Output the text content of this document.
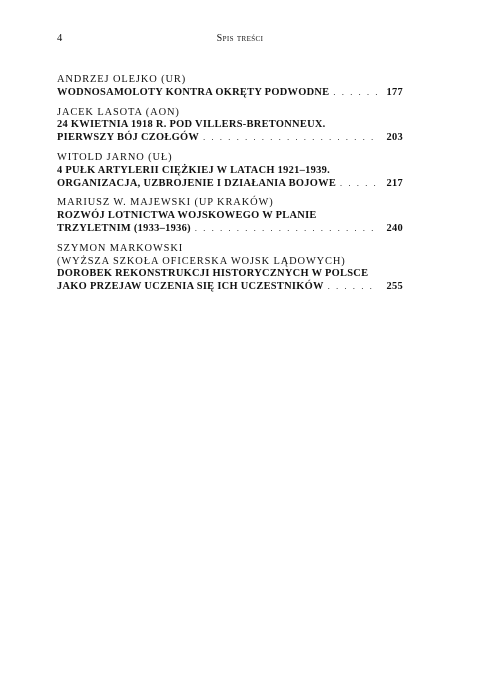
4	Spis treści
ANDRZEJ OLEJKO (UR)
WODNOSAMOLOTY KONTRA OKRĘTY PODWODNE . . .	177
JACEK LASOTA (AON)
24 KWIETNIA 1918 R. POD VILLERS-BRETONNEUX.
PIERWSZY BÓJ CZOŁGÓW . . .	203
WITOLD JARNO (UŁ)
4 PUŁK ARTYLERII CIĘŻKIEJ W LATACH 1921–1939.
ORGANIZACJA, UZBROJENIE I DZIAŁANIA BOJOWE . . .	217
MARIUSZ W. MAJEWSKI (UP KRAKÓW)
ROZWÓJ LOTNICTWA WOJSKOWEGO W PLANIE
TRZYLETNIM (1933–1936) . . .	240
SZYMON MARKOWSKI
(WYŻSZA SZKOŁA OFICERSKA WOJSK LĄDOWYCH)
DOROBEK REKONSTRUKCJI HISTORYCZNYCH W POLSCE
JAKO PRZEJAW UCZENIA SIĘ ICH UCZESTNIKÓW . . .	255
